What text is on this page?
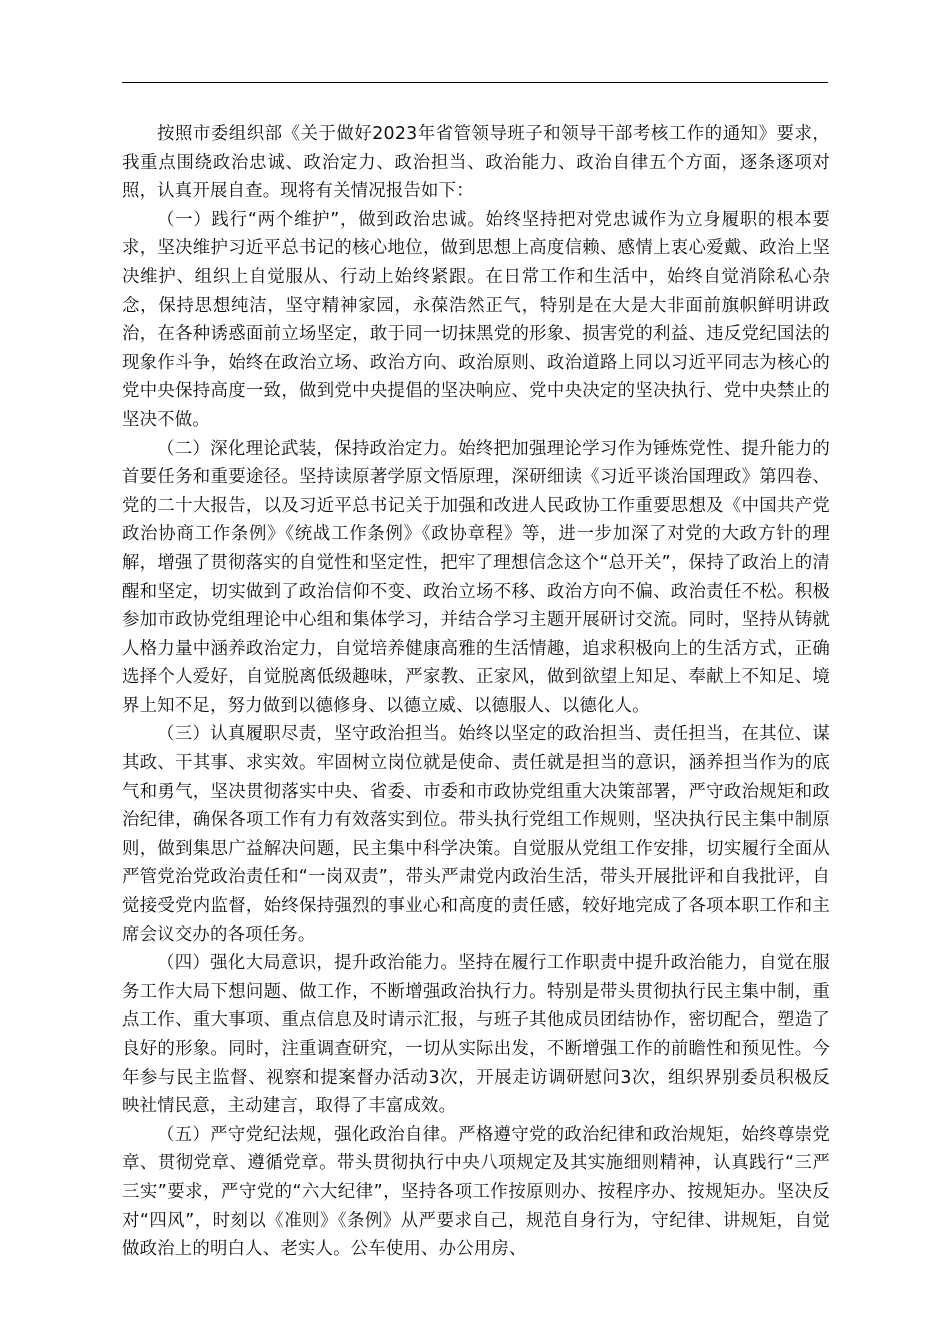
按照市委组织部《关于做好2023年省管领导班子和领导干部考核工作的通知》要求，我重点围绕政治忠诚、政治定力、政治担当、政治能力、政治自律五个方面，逐条逐项对照，认真开展自查。现将有关情况报告如下：

（一）践行“两个维护”，做到政治忠诚。始终坚持把对党忠诚作为立身履职的根本要求，坚决维护习近平总书记的核心地位，做到思想上高度信赖、感情上衷心爱戴、政治上坚决维护、组织上自觉服从、行动上始终紧跟。在日常工作和生活中，始终自觉消除私心杂念，保持思想纯洁，坚守精神家园，永葆浩然正气，特别是在大是大非面前旗帜鲜明讲政治，在各种诱惑面前立场坚定，敢于同一切抹黑党的形象、损害党的利益、违反党纪国法的现象作斗争，始终在政治立场、政治方向、政治原则、政治道路上同以习近平同志为核心的党中央保持高度一致，做到党中央提倡的坚决响应、党中央决定的坚决执行、党中央禁止的坚决不做。

（二）深化理论武装，保持政治定力。始终把加强理论学习作为锤炼党性、提升能力的首要任务和重要途径。坚持读原著学原文悟原理，深研细读《习近平谈治国理政》第四卷、党的二十大报告，以及习近平总书记关于加强和改进人民政协工作重要思想及《中国共产党政治协商工作条例》《统战工作条例》《政协章程》等，进一步加深了对党的大政方针的理解，增强了贯彻落实的自觉性和坚定性，把牢了理想信念这个“总开关”，保持了政治上的清醒和坚定，切实做到了政治信仰不变、政治立场不移、政治方向不偏、政治责任不松。积极参加市政协党组理论中心组和集体学习，并结合学习主题开展研讨交流。同时，坚持从铸就人格力量中涵养政治定力，自觉培养健康高雅的生活情趣，追求积极向上的生活方式，正确选择个人爱好，自觉脱离低级趣味，严家教、正家风，做到欲望上知足、奉献上不知足、境界上知不足，努力做到以德修身、以德立威、以德服人、以德化人。

（三）认真履职尽责，坚守政治担当。始终以坚定的政治担当、责任担当，在其位、谋其政、干其事、求实效。牢固树立岗位就是使命、责任就是担当的意识，涵养担当作为的底气和勇气，坚决贯彻落实中央、省委、市委和市政协党组重大决策部署，严守政治规矩和政治纪律，确保各项工作有力有效落实到位。带头执行党组工作规则，坚决执行民主集中制原则，做到集思广益解决问题，民主集中科学决策。自觉服从党组工作安排，切实履行全面从严管党治党政治责任和“一岗双责”，带头严肃党内政治生活，带头开展批评和自我批评，自觉接受党内监督，始终保持强烈的事业心和高度的责任感，较好地完成了各项本职工作和主席会议交办的各项任务。

（四）强化大局意识，提升政治能力。坚持在履行工作职责中提升政治能力，自觉在服务工作大局下想问题、做工作，不断增强政治执行力。特别是带头贯彻执行民主集中制，重点工作、重大事项、重点信息及时请示汇报，与班子其他成员团结协作，密切配合，塑造了良好的形象。同时，注重调查研究，一切从实际出发，不断增强工作的前瞻性和预见性。今年参与民主监督、视察和提案督办活动3次，开展走访调研慰问3次，组织界别委员积极反映社情民意，主动建言，取得了丰富成效。

（五）严守党纪法规，强化政治自律。严格遵守党的政治纪律和政治规矩，始终尊崇党章、贯彻党章、遵循党章。带头贯彻执行中央八项规定及其实施细则精神，认真践行“三严三实”要求，严守党的“六大纪律”，坚持各项工作按原则办、按程序办、按规矩办。坚决反对“四风”，时刻以《准则》《条例》从严要求自己，规范自身行为，守纪律、讲规矩，自觉做政治上的明白人、老实人。公车使用、办公用房、
